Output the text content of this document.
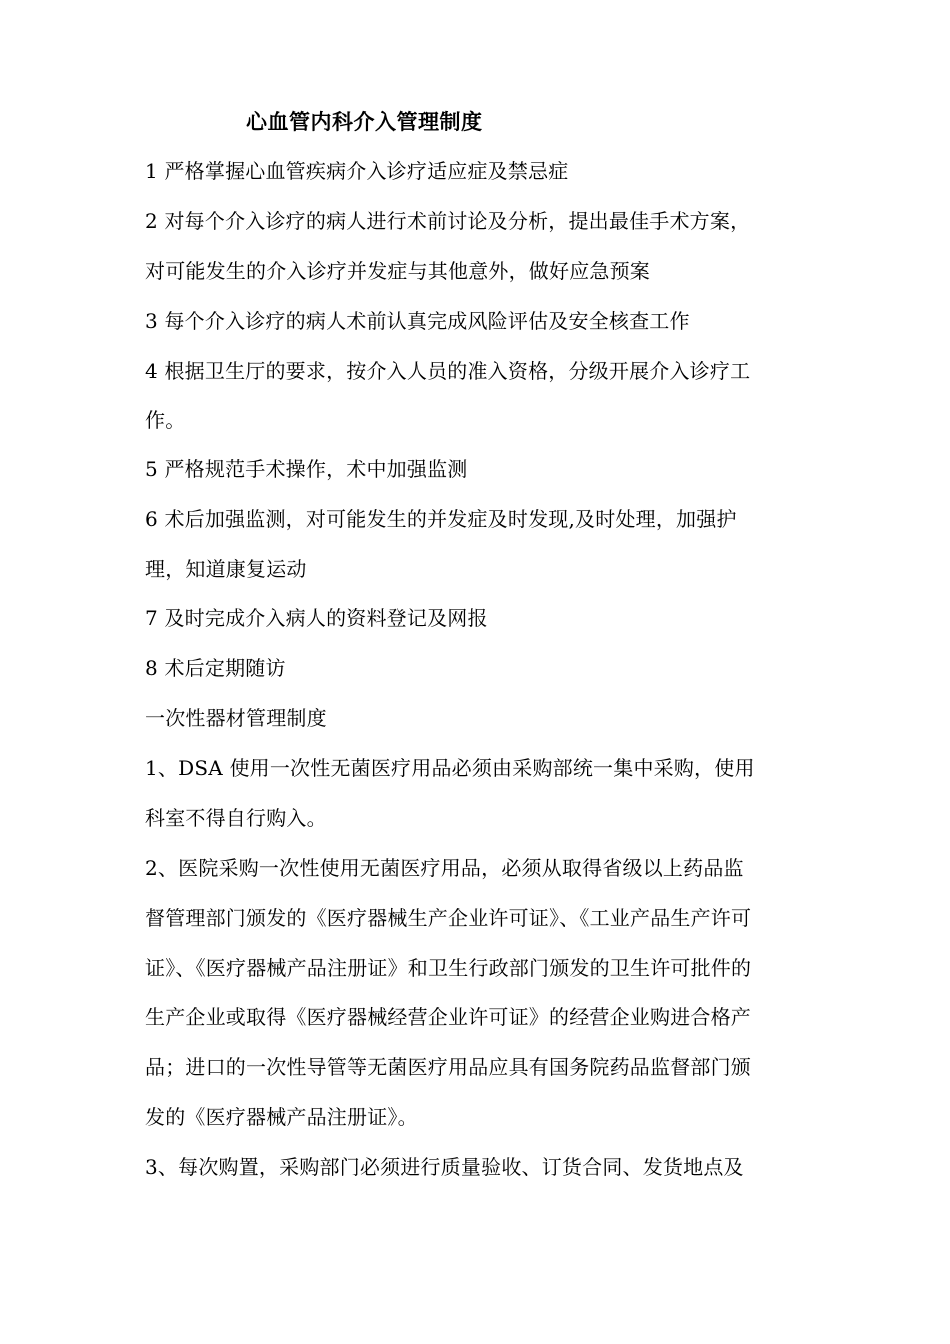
心血管内科介入管理制度
1 严格掌握心血管疾病介入诊疗适应症及禁忌症
2 对每个介入诊疗的病人进行术前讨论及分析，提出最佳手术方案，
对可能发生的介入诊疗并发症与其他意外，做好应急预案
3 每个介入诊疗的病人术前认真完成风险评估及安全核查工作
4 根据卫生厅的要求，按介入人员的准入资格，分级开展介入诊疗工
作。
5 严格规范手术操作，术中加强监测
6 术后加强监测，对可能发生的并发症及时发现,及时处理，加强护
理，知道康复运动
7 及时完成介入病人的资料登记及网报
8 术后定期随访
一次性器材管理制度
1、DSA 使用一次性无菌医疗用品必须由采购部统一集中采购，使用
科室不得自行购入。
2、医院采购一次性使用无菌医疗用品，必须从取得省级以上药品监
督管理部门颁发的《医疗器械生产企业许可证》、《工业产品生产许可
证》、《医疗器械产品注册证》和卫生行政部门颁发的卫生许可批件的
生产企业或取得《医疗器械经营企业许可证》的经营企业购进合格产
品；进口的一次性导管等无菌医疗用品应具有国务院药品监督部门颁
发的《医疗器械产品注册证》。
3、每次购置，采购部门必须进行质量验收、订货合同、发货地点及
